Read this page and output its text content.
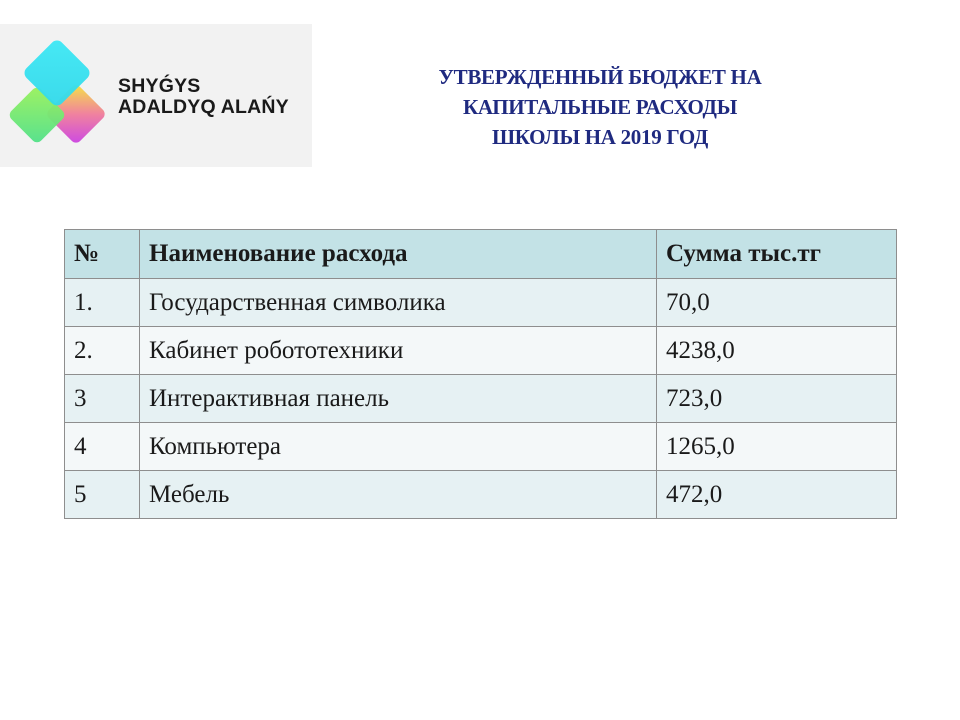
SHYǴYS
ADALDYQ ALAŃY
УТВЕРЖДЕННЫЙ БЮДЖЕТ НА
КАПИТАЛЬНЫЕ РАСХОДЫ
ШКОЛЫ НА 2019 ГОД
№	Наименование расхода	Сумма тыс.тг
1.	Государственная символика	70,0
2.	Кабинет робототехники	4238,0
3	Интерактивная панель	723,0
4	Компьютера	1265,0
5	Мебель	472,0
